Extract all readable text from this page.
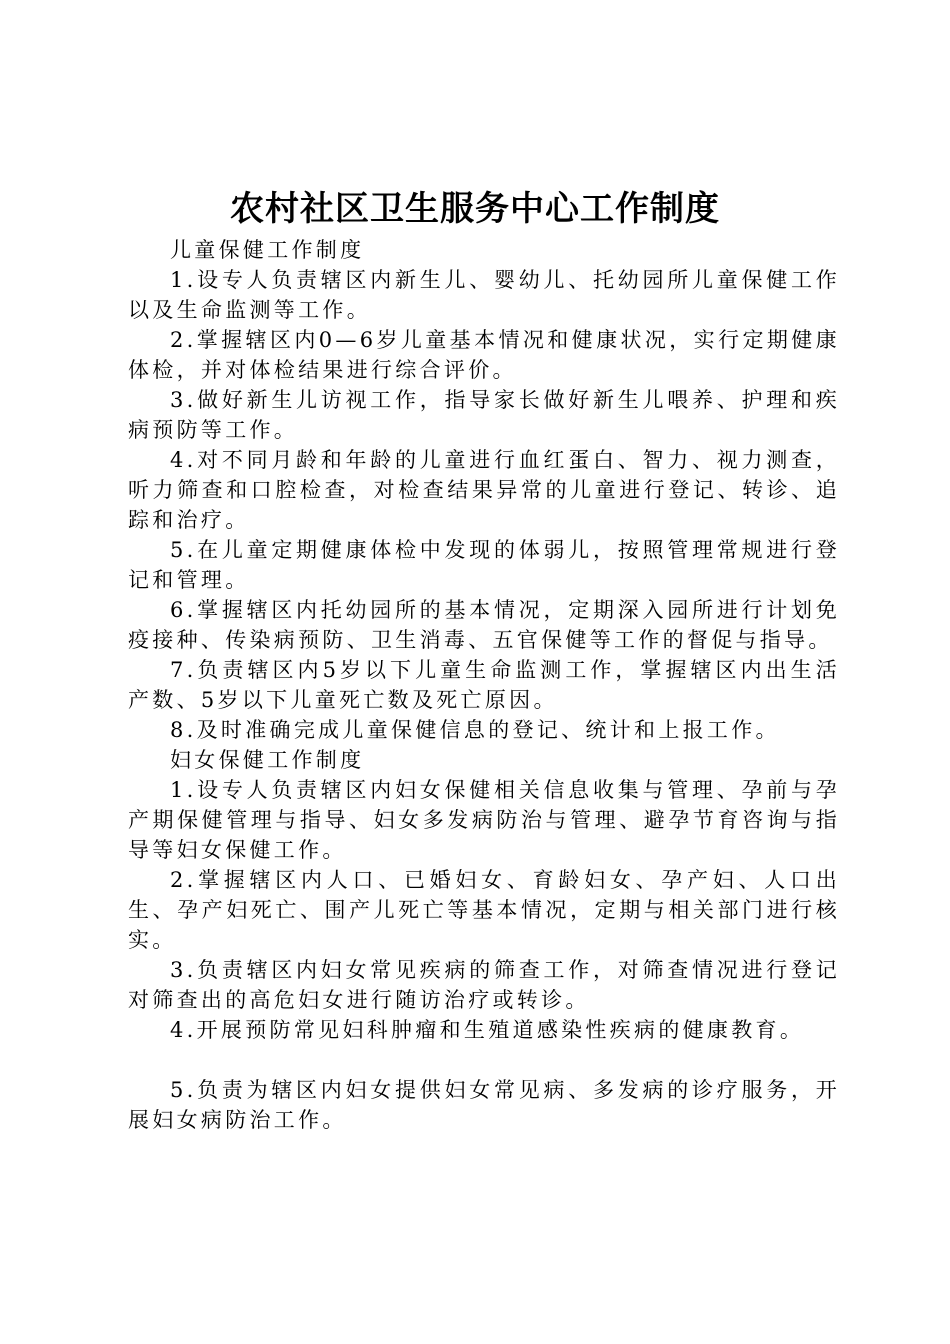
农村社区卫生服务中心工作制度

儿童保健工作制度

1.设专人负责辖区内新生儿、婴幼儿、托幼园所儿童保健工作以及生命监测等工作。

2.掌握辖区内0—6岁儿童基本情况和健康状况，实行定期健康体检，并对体检结果进行综合评价。

3.做好新生儿访视工作，指导家长做好新生儿喂养、护理和疾病预防等工作。

4.对不同月龄和年龄的儿童进行血红蛋白、智力、视力测查，听力筛查和口腔检查，对检查结果异常的儿童进行登记、转诊、追踪和治疗。

5.在儿童定期健康体检中发现的体弱儿，按照管理常规进行登记和管理。

6.掌握辖区内托幼园所的基本情况，定期深入园所进行计划免疫接种、传染病预防、卫生消毒、五官保健等工作的督促与指导。

7.负责辖区内5岁以下儿童生命监测工作，掌握辖区内出生活产数、5岁以下儿童死亡数及死亡原因。

8.及时准确完成儿童保健信息的登记、统计和上报工作。

妇女保健工作制度

1.设专人负责辖区内妇女保健相关信息收集与管理、孕前与孕产期保健管理与指导、妇女多发病防治与管理、避孕节育咨询与指导等妇女保健工作。

2.掌握辖区内人口、已婚妇女、育龄妇女、孕产妇、人口出生、孕产妇死亡、围产儿死亡等基本情况，定期与相关部门进行核实。

3.负责辖区内妇女常见疾病的筛查工作，对筛查情况进行登记对筛查出的高危妇女进行随访治疗或转诊。

4.开展预防常见妇科肿瘤和生殖道感染性疾病的健康教育。

5.负责为辖区内妇女提供妇女常见病、多发病的诊疗服务，开展妇女病防治工作。
